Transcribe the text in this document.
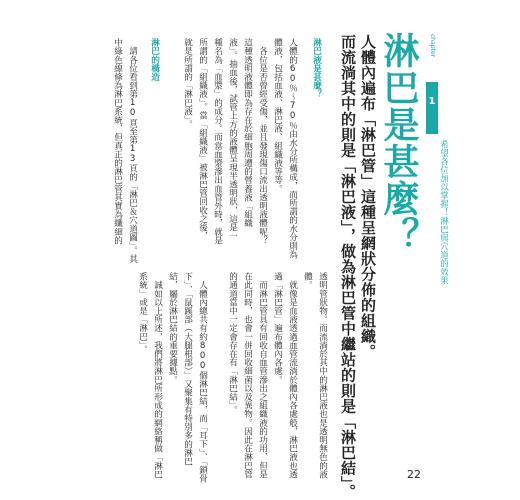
chapter
1
希望各位加以掌握！淋巴與穴道的效果
淋巴是甚麼？
人體內遍布「淋巴管」這種呈網狀分佈的組織。
而流淌其中的則是「淋巴液」，做為淋巴管中繼站的則是「淋巴結」。
淋巴液是甚麼？
人體的60％～70％由水分所構成，而所謂的水分則為
體液，包括血液、淋巴液、組織液等等。
　各位是否曾經受傷，並且發現傷口流出透明液體呢？
這種透明液體即為存在於細胞周遭的營養液「組織
液」。抽血後，試管上方的液體呈現半透明狀，這是一
種名為「血漿」的成分。而當血漿滲出血管外時，就是
所謂的「組織液」。當「組織液」被淋巴管回收之後，
就是所謂的「淋巴液」。
淋巴的構造
　請各位看到第10頁至第13頁的「淋巴＆穴道圖」。其
中綠色線條為淋巴系統，但真正的淋巴管其實為纖細的
透明管狀物。而流淌於其中的淋巴液也是透明無色的液
體。
　就像是血液透過血管流淌於體內各處般，淋巴液也透
過「淋巴管」遍布體內各處。
　而淋巴管具有回收自血管滲出之組織液的功用，但是
在此同時，也會一併回收細菌以及異物。因此在淋巴管
的通道當中一定會存在有「淋巴結」。
　人體內總共有約800個淋巴結，而「耳下」、「鎖骨
下」、「鼠蹊部（大腿根部）」又聚集有特別多的淋巴
結，屬於淋巴結的重要據點。
　誠如以上所述，我們將淋巴所形成的網絡稱做「淋巴
系統」或是「淋巴」。
22
